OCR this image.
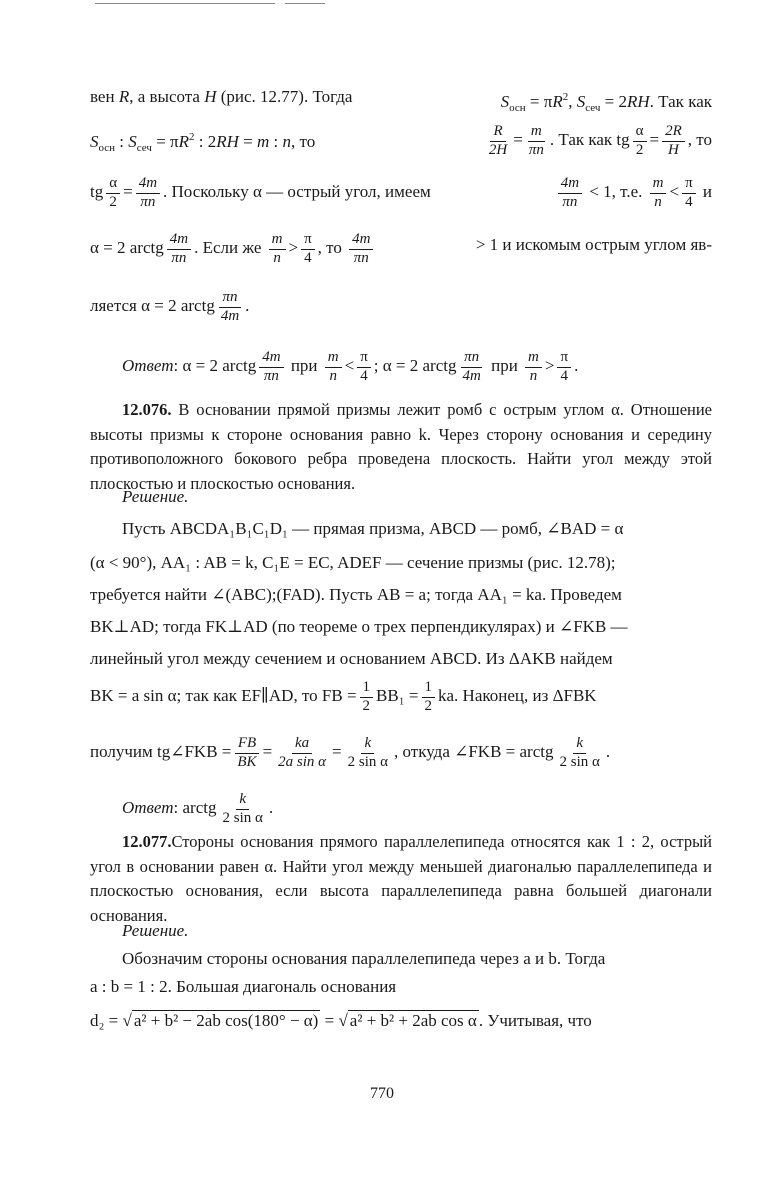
вен R, а высота H (рис. 12.77). Тогда	$S_{осн} = \pi R^2$, $S_{сеч} = 2RH$. Так как
$S_{осн}$ : $S_{сеч} = \pi R^2$ : 2RH = m : n, то	$\frac{R}{2H} = \frac{m}{\pi n}$ . Так как tg $\frac{\alpha}{2} = \frac{2R}{H}$ , то
tg $\frac{\alpha}{2} = \frac{4m}{\pi n}$ . Поскольку α — острый угол, имеем	$\frac{4m}{\pi n} < 1$, т.е. $\frac{m}{n} < \frac{\pi}{4}$ и
α = 2 arctg $\frac{4m}{\pi n}$ . Если же $\frac{m}{n} > \frac{\pi}{4}$ , то $\frac{4m}{\pi n}$	> 1 и искомым острым углом яв-
ляется α = 2 arctg $\frac{\pi n}{4m}$ .
Ответ: α = 2 arctg $\frac{4m}{\pi n}$ при $\frac{m}{n} < \frac{\pi}{4}$ ; α = 2 arctg $\frac{\pi n}{4m}$ при $\frac{m}{n} > \frac{\pi}{4}$ .
12.076. В основании прямой призмы лежит ромб с острым углом α. Отношение высоты призмы к стороне основания равно k. Через сторону основания и середину противоположного бокового ребра проведена плоскость. Найти угол между этой плоскостью и плоскостью основания.
Решение.
Пусть ABCDA₁B₁C₁D₁ — прямая призма, ABCD — ромб, ∠BAD = α
(α < 90°), AA₁ : AB = k, C₁E = EC, ADEF — сечение призмы (рис. 12.78);
требуется найти ∠(ABC);(FAD). Пусть AB = a; тогда AA₁ = ka. Проведем
BK⊥AD; тогда FK⊥AD (по теореме о трех перпендикулярах) и ∠FKB —
линейный угол между сечением и основанием ABCD. Из ΔAKB найдем
BK = a sin α; так как EF∥AD, то FB = $\frac{1}{2} BB_1 = \frac{1}{2}$ ka. Наконец, из ΔFBK
получим tg∠FKB = $\frac{FB}{BK} = \frac{ka}{\text{2a sin α}} = \frac{k}{\text{2 sin α}}$ , откуда ∠FKB = arctg $\frac{k}{\text{2 sin α}}$ .
Ответ: arctg $\frac{k}{\text{2 sin α}}$ .
12.077.Стороны основания прямого параллелепипеда относятся как 1 : 2, острый угол в основании равен α. Найти угол между меньшей диагональю параллелепипеда и плоскостью основания, если высота параллелепипеда равна большей диагонали основания.
Решение.
Обозначим стороны основания параллелепипеда через a и b. Тогда
a : b = 1 : 2. Большая диагональ основания
d₂ = √ a² + b² − 2ab cos(180° − α) = √ a² + b² + 2ab cos α . Учитывая, что
770
